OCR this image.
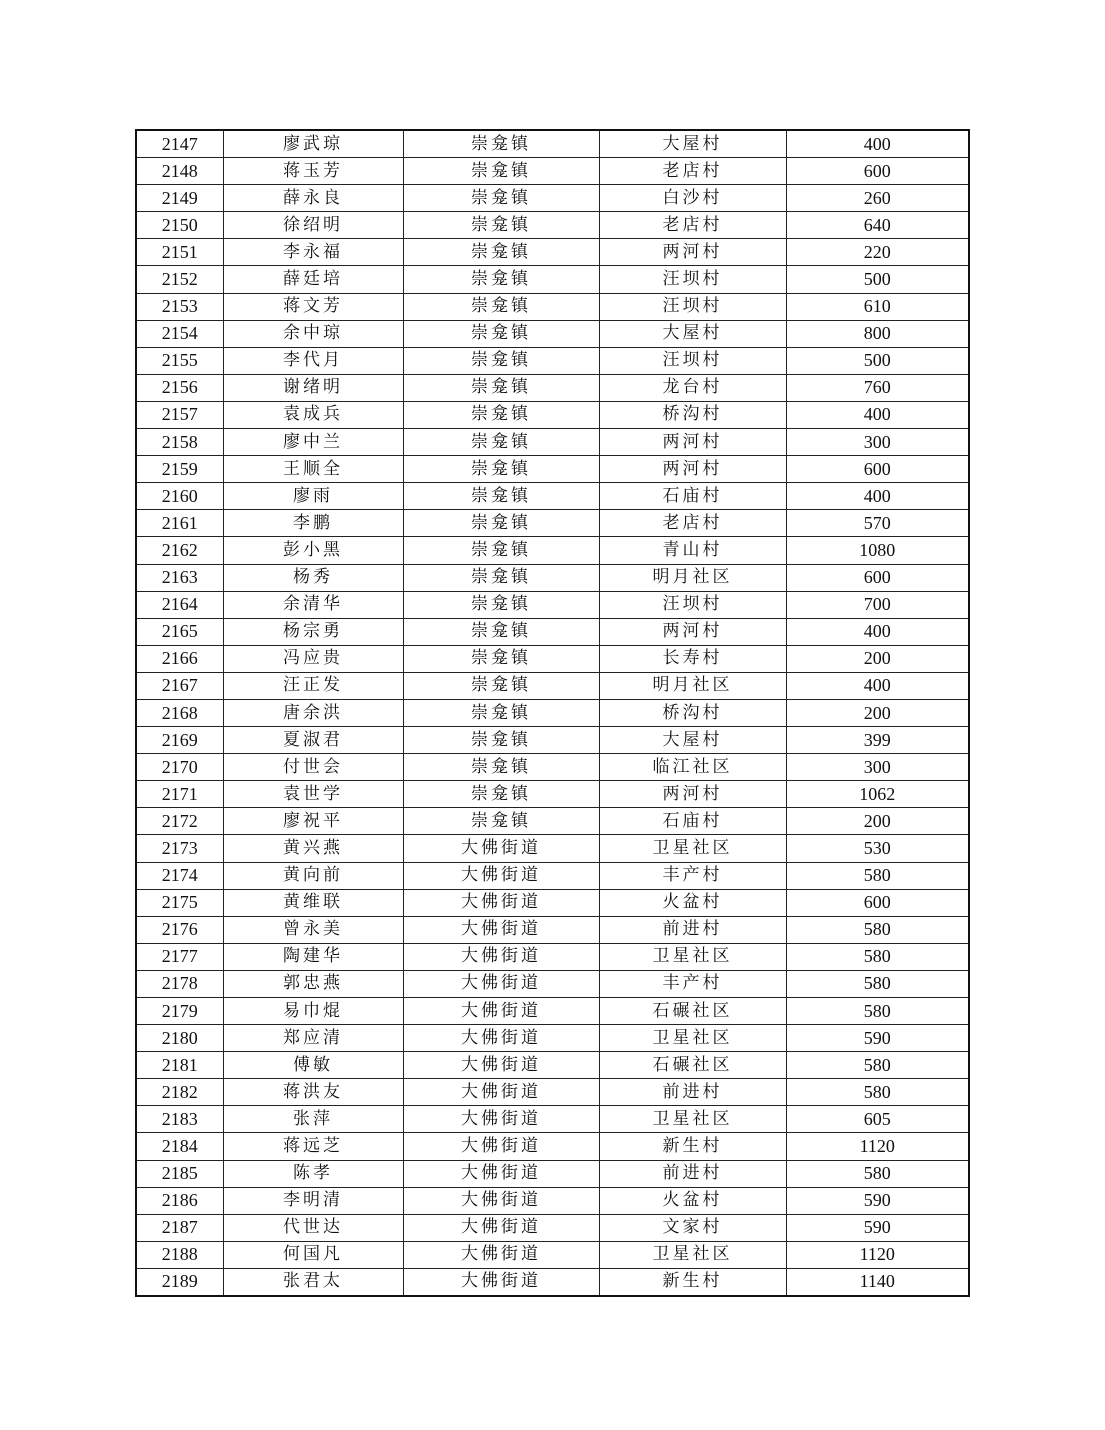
2147	廖武琼	崇龛镇	大屋村	400
2148	蒋玉芳	崇龛镇	老店村	600
2149	薛永良	崇龛镇	白沙村	260
2150	徐绍明	崇龛镇	老店村	640
2151	李永福	崇龛镇	两河村	220
2152	薛廷培	崇龛镇	汪坝村	500
2153	蒋文芳	崇龛镇	汪坝村	610
2154	余中琼	崇龛镇	大屋村	800
2155	李代月	崇龛镇	汪坝村	500
2156	谢绪明	崇龛镇	龙台村	760
2157	袁成兵	崇龛镇	桥沟村	400
2158	廖中兰	崇龛镇	两河村	300
2159	王顺全	崇龛镇	两河村	600
2160	廖雨	崇龛镇	石庙村	400
2161	李鹏	崇龛镇	老店村	570
2162	彭小黑	崇龛镇	青山村	1080
2163	杨秀	崇龛镇	明月社区	600
2164	余清华	崇龛镇	汪坝村	700
2165	杨宗勇	崇龛镇	两河村	400
2166	冯应贵	崇龛镇	长寿村	200
2167	汪正发	崇龛镇	明月社区	400
2168	唐余洪	崇龛镇	桥沟村	200
2169	夏淑君	崇龛镇	大屋村	399
2170	付世会	崇龛镇	临江社区	300
2171	袁世学	崇龛镇	两河村	1062
2172	廖祝平	崇龛镇	石庙村	200
2173	黄兴燕	大佛街道	卫星社区	530
2174	黄向前	大佛街道	丰产村	580
2175	黄维联	大佛街道	火盆村	600
2176	曾永美	大佛街道	前进村	580
2177	陶建华	大佛街道	卫星社区	580
2178	郭忠燕	大佛街道	丰产村	580
2179	易巾焜	大佛街道	石碾社区	580
2180	郑应清	大佛街道	卫星社区	590
2181	傅敏	大佛街道	石碾社区	580
2182	蒋洪友	大佛街道	前进村	580
2183	张萍	大佛街道	卫星社区	605
2184	蒋远芝	大佛街道	新生村	1120
2185	陈孝	大佛街道	前进村	580
2186	李明清	大佛街道	火盆村	590
2187	代世达	大佛街道	文家村	590
2188	何国凡	大佛街道	卫星社区	1120
2189	张君太	大佛街道	新生村	1140
